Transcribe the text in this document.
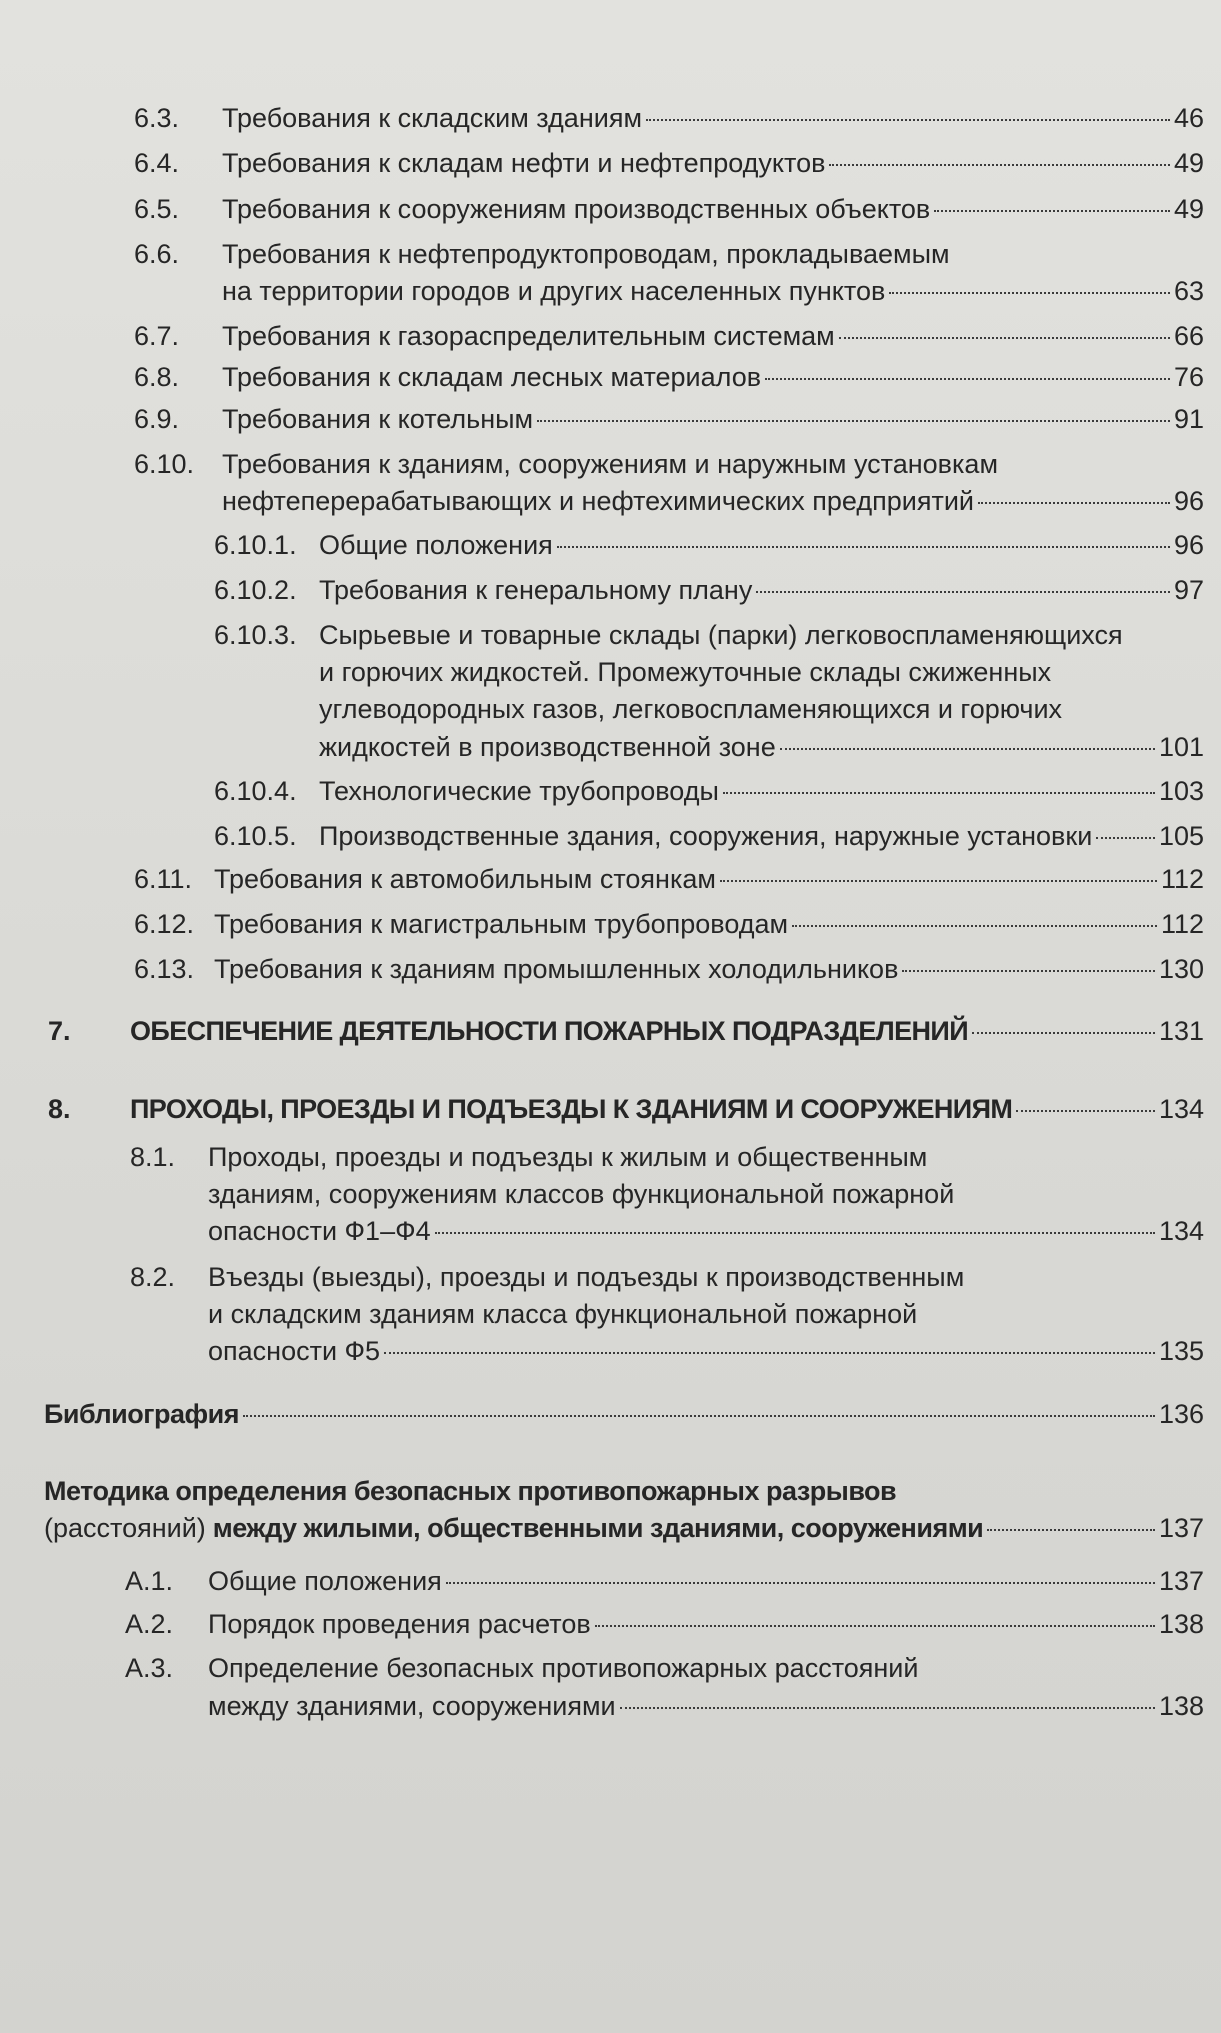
6.3. Требования к складским зданиям	46
6.4. Требования к складам нефти и нефтепродуктов	49
6.5. Требования к сооружениям производственных объектов	49
6.6. Требования к нефтепродуктопроводам, прокладываемым
на территории городов и других населенных пунктов	63
6.7. Требования к газораспределительным системам	66
6.8. Требования к складам лесных материалов	76
6.9. Требования к котельным	91
6.10. Требования к зданиям, сооружениям и наружным установкам
нефтеперерабатывающих и нефтехимических предприятий	96
6.10.1. Общие положения	96
6.10.2. Требования к генеральному плану	97
6.10.3. Сырьевые и товарные склады (парки) легковоспламеняющихся
и горючих жидкостей. Промежуточные склады сжиженных
углеводородных газов, легковоспламеняющихся и горючих
жидкостей в производственной зоне	101
6.10.4. Технологические трубопроводы	103
6.10.5. Производственные здания, сооружения, наружные установки 105
6.11. Требования к автомобильным стоянкам	112
6.12. Требования к магистральным трубопроводам	112
6.13. Требования к зданиям промышленных холодильников	130
7. ОБЕСПЕЧЕНИЕ ДЕЯТЕЛЬНОСТИ ПОЖАРНЫХ ПОДРАЗДЕЛЕНИЙ	131
8. ПРОХОДЫ, ПРОЕЗДЫ И ПОДЪЕЗДЫ К ЗДАНИЯМ И СООРУЖЕНИЯМ	134
8.1. Проходы, проезды и подъезды к жилым и общественным
зданиям, сооружениям классов функциональной пожарной
опасности Ф1–Ф4	134
8.2. Въезды (выезды), проезды и подъезды к производственным
и складским зданиям класса функциональной пожарной
опасности Ф5	135
Библиография	136
Методика определения безопасных противопожарных разрывов
(расстояний) между жилыми, общественными зданиями, сооружениями	137
А.1. Общие положения	137
А.2. Порядок проведения расчетов	138
А.3. Определение безопасных противопожарных расстояний
между зданиями, сооружениями	138
